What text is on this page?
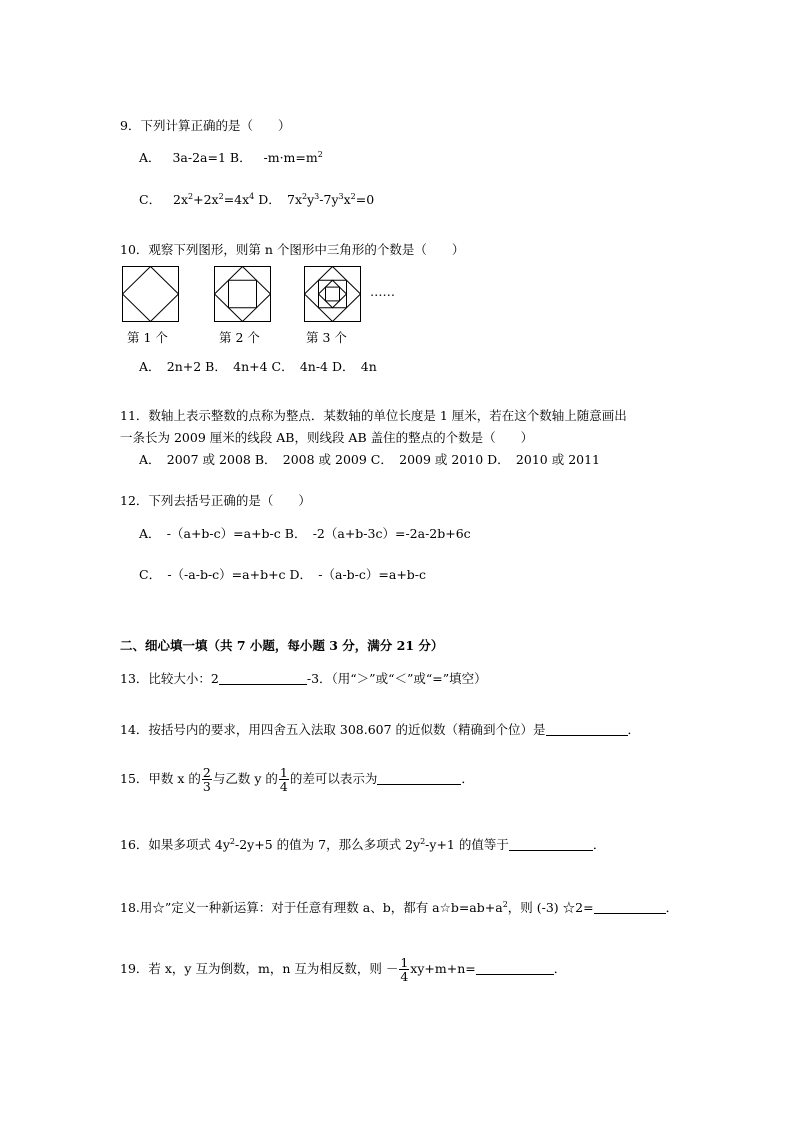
9．下列计算正确的是（　　）
A． 3a-2a=1 B． $-m\cdot m=m^2$
C． $2x^2+2x^2=4x^4$ D．　$7x^2y^3-7y^3x^2=0$
10．观察下列图形，则第 n 个图形中三角形的个数是（　　）
……
第 1 个	第 2 个	第 3 个
A．　2n+2 B．　4n+4 C．　4n-4 D．　4n
11．数轴上表示整数的点称为整点．某数轴的单位长度是 1 厘米，若在这个数轴上随意画出
一条长为 2009 厘米的线段 AB，则线段 AB 盖住的整点的个数是（　　）
A．　2007 或 2008 B．　2008 或 2009 C．　2009 或 2010 D．　2010 或 2011
12．下列去括号正确的是（　　）
A．　-（a+b-c）=a+b-c B．　-2（a+b-3c）=-2a-2b+6c
C．　-（-a-b-c）=a+b+c D．　-（a-b-c）=a+b-c
二、细心填一填（共 7 小题，每小题 3 分，满分 21 分）
13．比较大小：2	-3．（用“＞”或“＜”或“=”填空）
14．按括号内的要求，用四舍五入法取 308.607 的近似数（精确到个位）是	．
15．甲数 x 的 $\frac{2}{3}$ 与乙数 y 的 $\frac{1}{4}$ 的差可以表示为	．
16．如果多项式 $4y^2-2y+5$ 的值为 7，那么多项式 $2y^2-y+1$ 的值等于	．
18.用☆”定义一种新运算：对于任意有理数 a、b，都有 $a☆b=ab+a^2$，则 (-3) ☆2=	．
19．若 x，y 互为倒数，m，n 互为相反数，则 － $\frac{1}{4} xy+m+n=$	．
